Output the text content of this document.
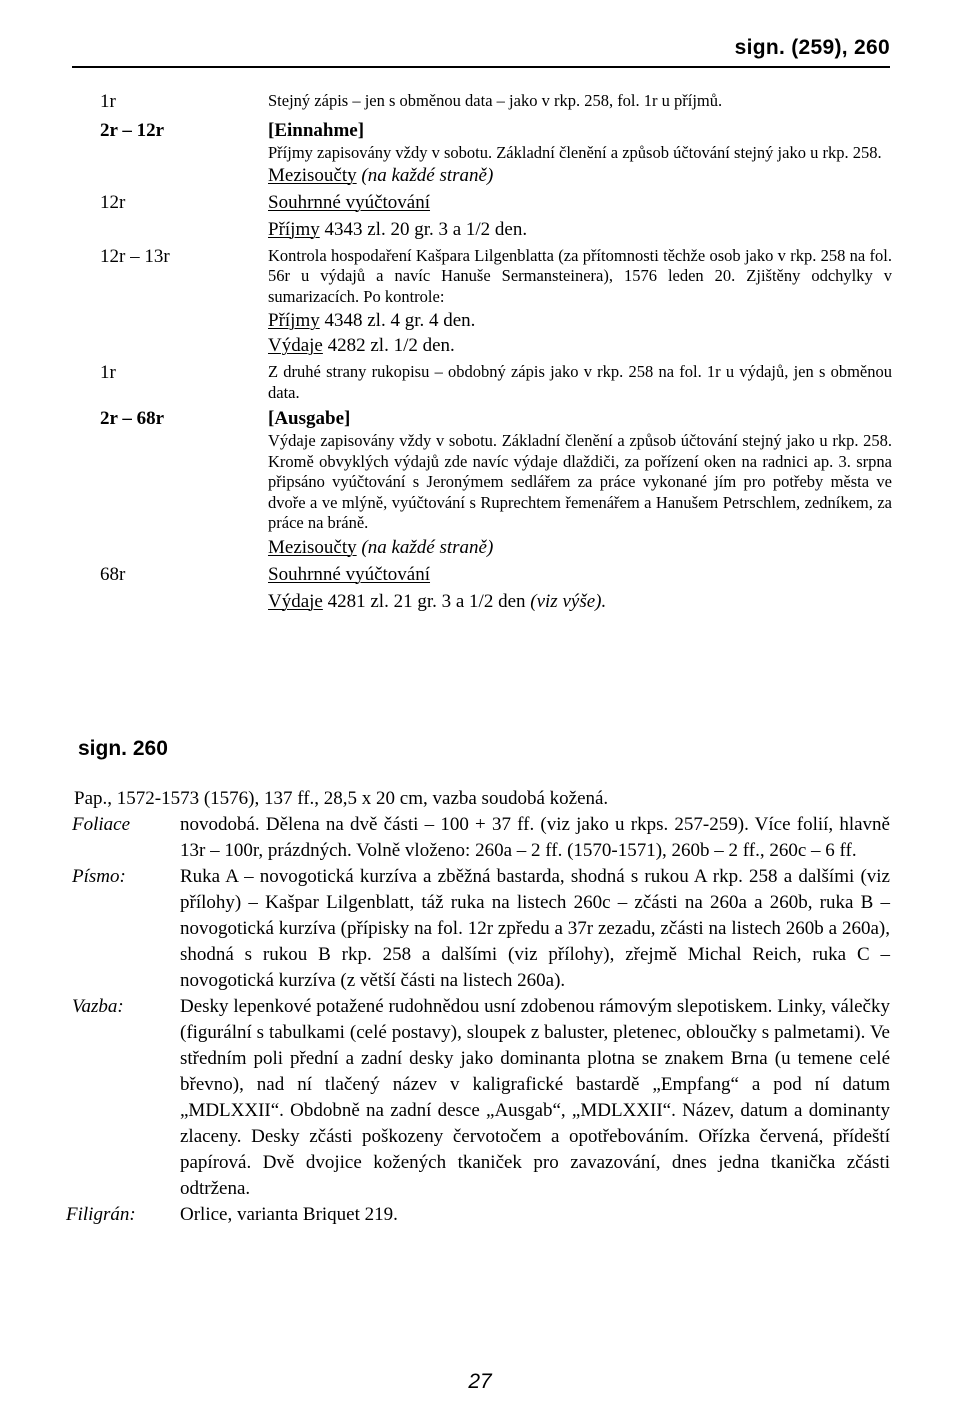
sign. (259), 260
1r	Stejný zápis – jen s obměnou data – jako v rkp. 258, fol. 1r u příjmů.
2r – 12r	[Einnahme]
Příjmy zapisovány vždy v sobotu. Základní členění a způsob účtování stejný jako u rkp. 258.
Mezisoučty (na každé straně)
12r	Souhrnné vyúčtování
Příjmy 4343 zl. 20 gr. 3 a 1/2 den.
12r – 13r	Kontrola hospodaření Kašpara Lilgenblatta (za přítomnosti těchže osob jako v rkp. 258 na fol. 56r u výdajů a navíc Hanuše Sermansteinera), 1576 leden 20. Zjištěny odchylky v sumarizacích. Po kontrole:
Příjmy 4348 zl. 4 gr. 4 den.
Výdaje 4282 zl. 1/2 den.
1r	Z druhé strany rukopisu – obdobný zápis jako v rkp. 258 na fol. 1r u výdajů, jen s obměnou data.
2r – 68r	[Ausgabe]
Výdaje zapisovány vždy v sobotu. Základní členění a způsob účtování stejný jako u rkp. 258. Kromě obvyklých výdajů zde navíc výdaje dlaždiči, za pořízení oken na radnici ap. 3. srpna připsáno vyúčtování s Jeronýmem sedlářem za práce vykonané jím pro potřeby města ve dvoře a ve mlýně, vyúčtování s Ruprechtem řemenářem a Hanušem Petrschlem, zedníkem, za práce na bráně.
Mezisoučty (na každé straně)
68r	Souhrnné vyúčtování
Výdaje 4281 zl. 21 gr. 3 a 1/2 den (viz výše).
sign. 260
Pap., 1572-1573 (1576), 137 ff., 28,5 x 20 cm, vazba soudobá kožená.
Foliace	novodobá. Dělena na dvě části – 100 + 37 ff. (viz jako u rkps. 257-259). Více folií, hlavně 13r – 100r, prázdných. Volně vloženo: 260a – 2 ff. (1570-1571), 260b – 2 ff., 260c – 6 ff.
Písmo:	Ruka A – novogotická kurzíva a zběžná bastarda, shodná s rukou A rkp. 258 a dalšími (viz přílohy) – Kašpar Lilgenblatt, táž ruka na listech 260c – zčásti na 260a a 260b, ruka B – novogotická kurzíva (přípisky na fol. 12r zpředu a 37r zezadu, zčásti na listech 260b a 260a), shodná s rukou B rkp. 258 a dalšími (viz přílohy), zřejmě Michal Reich, ruka C – novogotická kurzíva (z větší části na listech 260a).
Vazba:	Desky lepenkové potažené rudohnědou usní zdobenou rámovým slepotiskem. Linky, válečky (figurální s tabulkami (celé postavy), sloupek z baluster, pletenec, obloučky s palmetami). Ve středním poli přední a zadní desky jako dominanta plotna se znakem Brna (u temene celé břevno), nad ní tlačený název v kaligrafické bastardě „Empfang“ a pod ní datum „MDLXXII“. Obdobně na zadní desce „Ausgab“, „MDLXXII“. Název, datum a dominanty zlaceny. Desky zčásti poškozeny červotočem a opotřebováním. Ořízka červená, přídeští papírová. Dvě dvojice kožených tkaniček pro zavazování, dnes jedna tkanička zčásti odtržena.
Filigrán:	Orlice, varianta Briquet 219.
27
